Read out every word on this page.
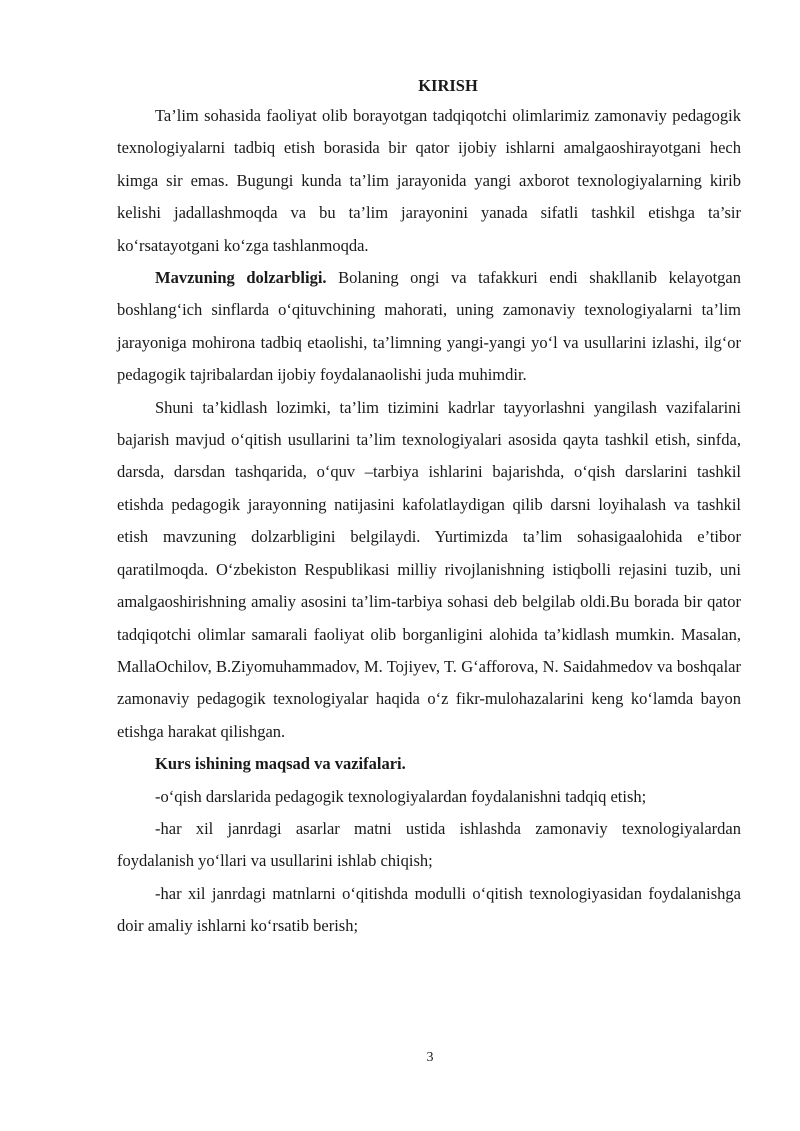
KIRISH

Ta’lim sohasida faoliyat olib borayotgan tadqiqotchi olimlarimiz zamonaviy pedagogik texnologiyalarni tadbiq etish borasida bir qator ijobiy ishlarni amalgaoshirayotgani hech kimga sir emas. Bugungi kunda ta’lim jarayonida yangi axborot texnologiyalarning kirib kelishi jadallashmoqda va bu ta’lim jarayonini yanada sifatli tashkil etishga ta’sir ko‘rsatayotgani ko‘zga tashlanmoqda.

Mavzuning dolzarbligi. Bolaning ongi va tafakkuri endi shakllanib kelayotgan boshlang‘ich sinflarda o‘qituvchining mahorati, uning zamonaviy texnologiyalarni ta’lim jarayoniga mohirona tadbiq etaolishi, ta’limning yangi-yangi yo‘l va usullarini izlashi, ilg‘or pedagogik tajribalardan ijobiy foydalanaolishi juda muhimdir.

Shuni ta’kidlash lozimki, ta’lim tizimini kadrlar tayyorlashni yangilash vazifalarini bajarish mavjud o‘qitish usullarini ta’lim texnologiyalari asosida qayta tashkil etish, sinfda, darsda, darsdan tashqarida, o‘quv –tarbiya ishlarini bajarishda, o‘qish darslarini tashkil etishda pedagogik jarayonning natijasini kafolatlaydigan qilib darsni loyihalash va tashkil etish mavzuning dolzarbligini belgilaydi. Yurtimizda ta’lim sohasigaalohida e’tibor qaratilmoqda. O‘zbekiston Respublikasi milliy rivojlanishning istiqbolli rejasini tuzib, uni amalgaoshirishning amaliy asosini ta’lim-tarbiya sohasi deb belgilab oldi.Bu borada bir qator tadqiqotchi olimlar samarali faoliyat olib borganligini alohida ta’kidlash mumkin. Masalan, MallaOchilov, B.Ziyomuhammadov, M. Tojiyev, T. G‘afforova, N. Saidahmedov va boshqalar zamonaviy pedagogik texnologiyalar haqida o‘z fikr-mulohazalarini keng ko‘lamda bayon etishga harakat qilishgan.

Kurs ishining maqsad va vazifalari.

-o‘qish darslarida pedagogik texnologiyalardan foydalanishni tadqiq etish;

-har xil janrdagi asarlar matni ustida ishlashda zamonaviy texnologiyalardan foydalanish yo‘llari va usullarini ishlab chiqish;

-har xil janrdagi matnlarni o‘qitishda modulli o‘qitish texnologiyasidan foydalanishga doir amaliy ishlarni ko‘rsatib berish;

3
